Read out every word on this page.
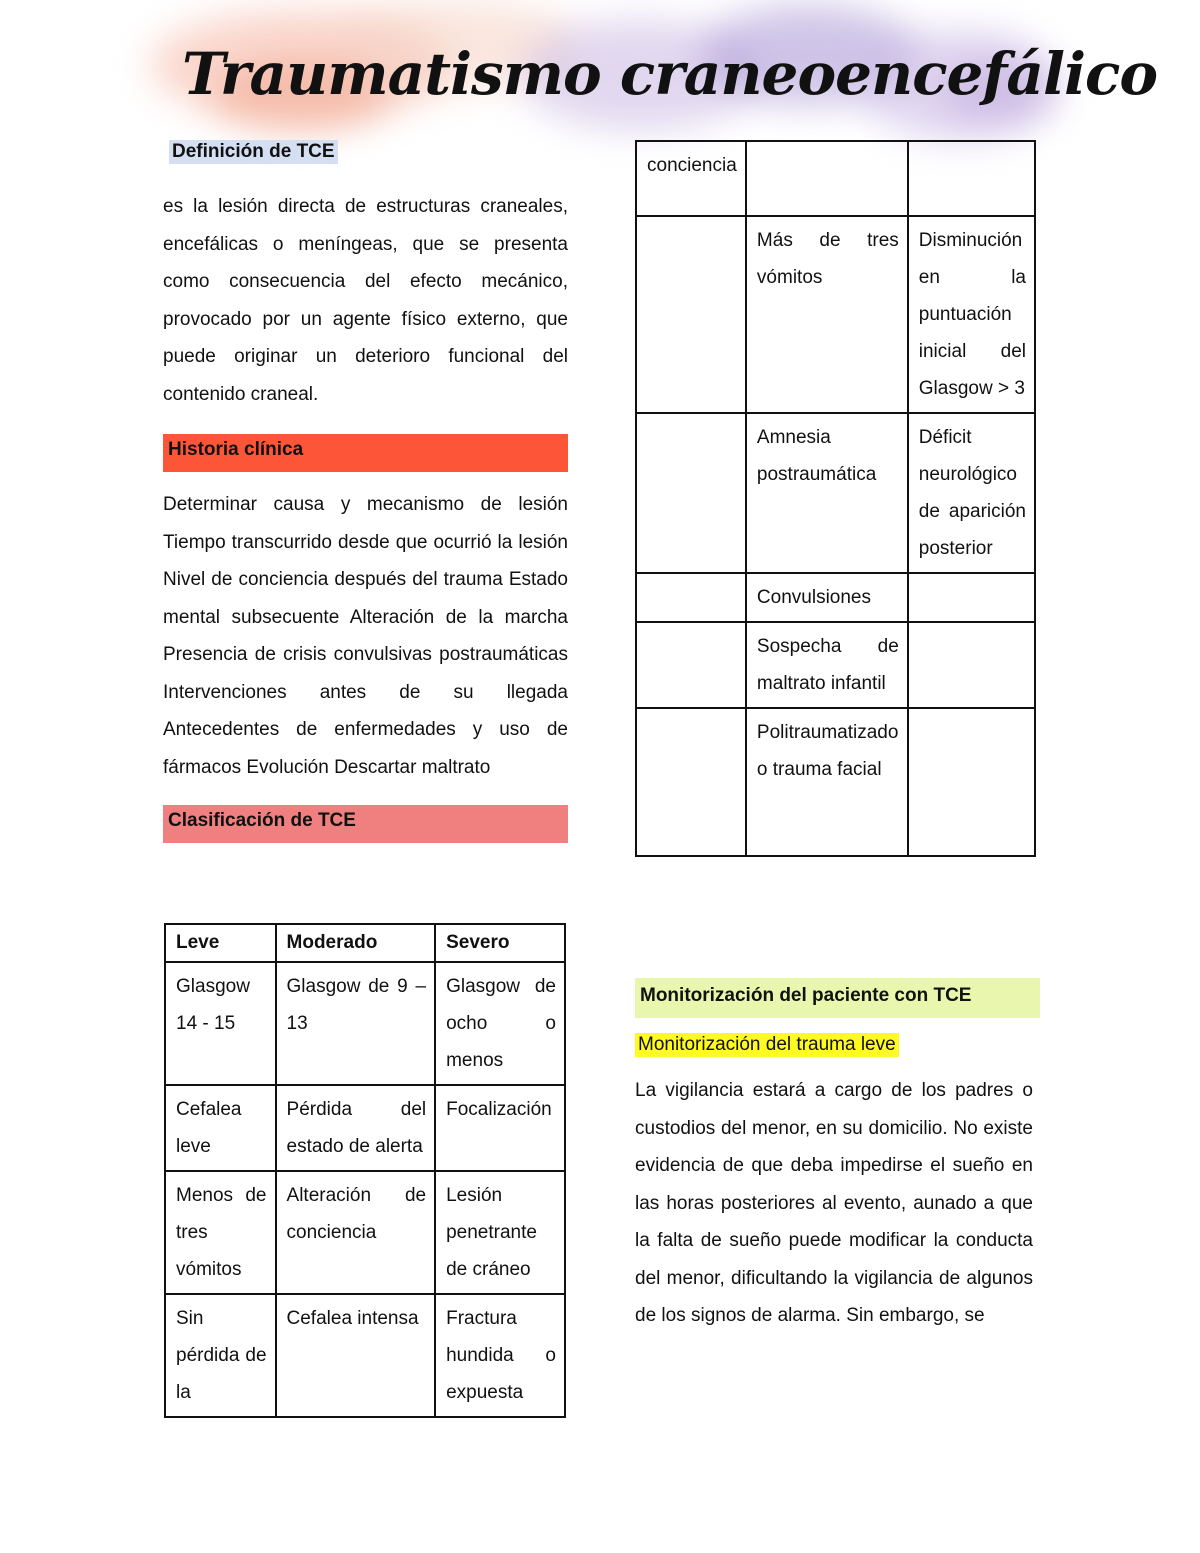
Traumatismo craneoencefálico
Definición de TCE

es la lesión directa de estructuras craneales, encefálicas o meníngeas, que se presenta como consecuencia del efecto mecánico, provocado por un agente físico externo, que puede originar un deterioro funcional del contenido craneal.

Historia clínica

Determinar causa y mecanismo de lesión Tiempo transcurrido desde que ocurrió la lesión Nivel de conciencia después del trauma Estado mental subsecuente Alteración de la marcha Presencia de crisis convulsivas postraumáticas Intervenciones antes de su llegada Antecedentes de enfermedades y uso de fármacos Evolución Descartar maltrato

Clasificación de TCE
Leve	Moderado	Severo
Glasgow 14 - 15	Glasgow de 9 – 13	Glasgow de ocho o menos
Cefalea leve	Pérdida del estado de alerta	Focalización
Menos de tres vómitos	Alteración de conciencia	Lesión penetrante de cráneo
Sin pérdida de la	Cefalea intensa	Fractura hundida o expuesta
conciencia		
	Más de tres vómitos	Disminución en la puntuación inicial del Glasgow > 3
	Amnesia postraumática	Déficit neurológico de aparición posterior
	Convulsiones	
	Sospecha de maltrato infantil	
	Politraumatizado o trauma facial	
Monitorización del paciente con TCE
Monitorización del trauma leve

La vigilancia estará a cargo de los padres o custodios del menor, en su domicilio. No existe evidencia de que deba impedirse el sueño en las horas posteriores al evento, aunado a que la falta de sueño puede modificar la conducta del menor, dificultando la vigilancia de algunos de los signos de alarma. Sin embargo, se
